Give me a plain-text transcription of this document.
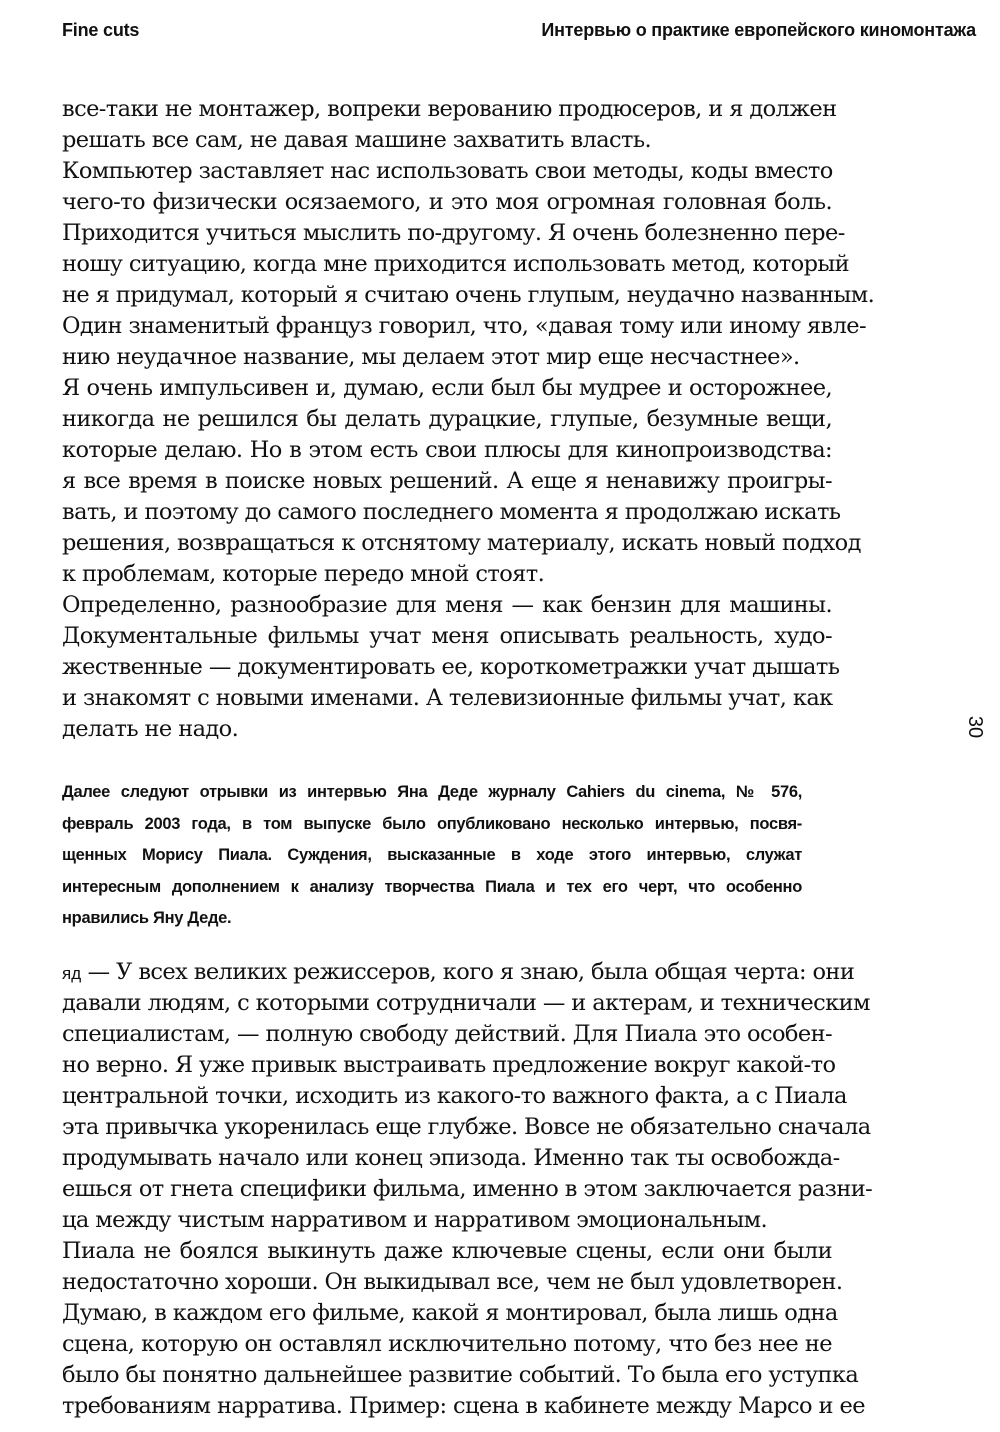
Fine cuts	Интервью о практике европейского киномонтажа
30
все-таки не монтажер, вопреки верованию продюсеров, и я должен
решать все сам, не давая машине захватить власть.
Компьютер заставляет нас использовать свои методы, коды вместо
чего-то физически осязаемого, и это моя огромная головная боль.
Приходится учиться мыслить по-другому. Я очень болезненно пере-
ношу ситуацию, когда мне приходится использовать метод, который
не я придумал, который я считаю очень глупым, неудачно названным.
Один знаменитый француз говорил, что, «давая тому или иному явле-
нию неудачное название, мы делаем этот мир еще несчастнее».
Я очень импульсивен и, думаю, если был бы мудрее и осторожнее,
никогда не решился бы делать дурацкие, глупые, безумные вещи,
которые делаю. Но в этом есть свои плюсы для кинопроизводства:
я все время в поиске новых решений. А еще я ненавижу проигры-
вать, и поэтому до самого последнего момента я продолжаю искать
решения, возвращаться к отснятому материалу, искать новый подход
к проблемам, которые передо мной стоят.
Определенно, разнообразие для меня — как бензин для машины.
Документальные фильмы учат меня описывать реальность, худо-
жественные — документировать ее, короткометражки учат дышать
и знакомят с новыми именами. А телевизионные фильмы учат, как
делать не надо.
Далее следуют отрывки из интервью Яна Деде журналу Cahiers du cinema, № 576,
февраль 2003 года, в том выпуске было опубликовано несколько интервью, посвя-
щенных Морису Пиала. Суждения, высказанные в ходе этого интервью, служат
интересным дополнением к анализу творчества Пиала и тех его черт, что особенно
нравились Яну Деде.
яд — У всех великих режиссеров, кого я знаю, была общая черта: они
давали людям, с которыми сотрудничали — и актерам, и техническим
специалистам, — полную свободу действий. Для Пиала это особен-
но верно. Я уже привык выстраивать предложение вокруг какой-то
центральной точки, исходить из какого-то важного факта, а с Пиала
эта привычка укоренилась еще глубже. Вовсе не обязательно сначала
продумывать начало или конец эпизода. Именно так ты освобожда-
ешься от гнета специфики фильма, именно в этом заключается разни-
ца между чистым нарративом и нарративом эмоциональным.
Пиала не боялся выкинуть даже ключевые сцены, если они были
недостаточно хороши. Он выкидывал все, чем не был удовлетворен.
Думаю, в каждом его фильме, какой я монтировал, была лишь одна
сцена, которую он оставлял исключительно потому, что без нее не
было бы понятно дальнейшее развитие событий. То была его уступка
требованиям нарратива. Пример: сцена в кабинете между Марсо и ее
